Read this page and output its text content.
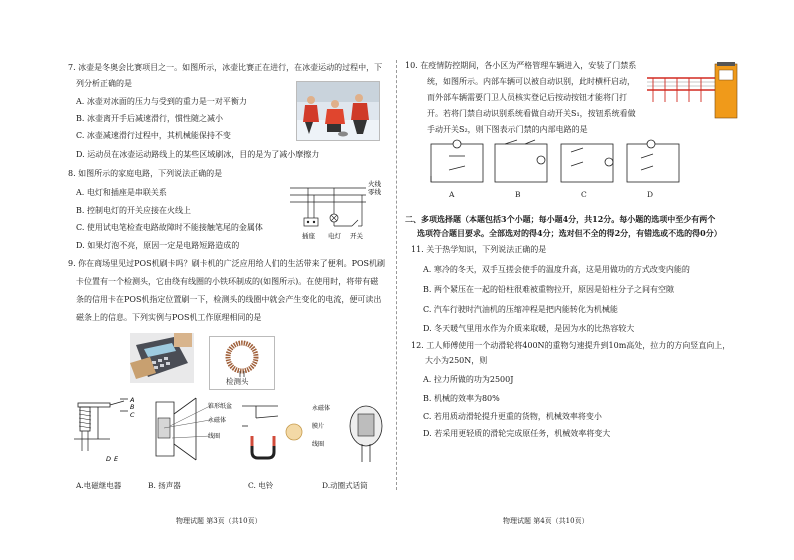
7. 冰壶是冬奥会比赛项目之一。如图所示，冰壶比赛正在进行，在冰壶运动的过程中，下
列分析正确的是
A. 冰壶对冰面的压力与受到的重力是一对平衡力
B. 冰壶离开手后减速滑行，惯性随之减小
C. 冰壶减速滑行过程中，其机械能保持不变
D. 运动员在冰壶运动路线上的某些区域刷冰，目的是为了减小摩擦力
8. 如图所示的家庭电路，下列说法正确的是
A. 电灯和插座是串联关系
B. 控制电灯的开关应接在火线上
C. 使用试电笔检查电路故障时不能接触笔尾的金属体
D. 如果灯泡不亮，原因一定是电路短路造成的
火线
零线
插座 电灯 开关
9. 你在商场里见过POS机刷卡吗？刷卡机的广泛应用给人们的生活带来了便利。POS机刷
卡位置有一个检测头，它由绕有线圈的小铁环制成的(如图所示)。在使用时，将带有磁
条的信用卡在POS机指定位置刷一下，检测头的线圈中就会产生变化的电流，便可读出
磁条上的信息。下列实例与POS机工作原理相同的是
检测头
A
B
C
D E
锥形纸盆
永磁体
线圈
永磁体
膜片
线圈
A.电磁继电器	B. 扬声器	C. 电铃	D.动圈式话筒
物理试题 第3页（共10页）
10. 在疫情防控期间，各小区为严格管理车辆进入，安装了门禁系
统，如图所示。内部车辆可以被自动识别，此时横杆启动，
而外部车辆需要门卫人员核实登记后按动按钮才能将门打
开。若将门禁自动识别系统看做自动开关S₁，按钮系统看做
手动开关S₂，则下图表示门禁的内部电路的是
A	B	C	D
二、多项选择题（本题包括3个小题；每小题4分，共12分。每小题的选项中至少有两个
选项符合题目要求。全部选对的得4分；选对但不全的得2分，有错选或不选的得0分）
11. 关于热学知识，下列说法正确的是
A. 寒冷的冬天，双手互搓会使手的温度升高，这是用做功的方式改变内能的
B. 两个紧压在一起的铅柱很难被重物拉开，原因是铅柱分子之间有空隙
C. 汽车行驶时汽油机的压缩冲程是把内能转化为机械能
D. 冬天暖气里用水作为介质来取暖，是因为水的比热容较大
12. 工人师傅使用一个动滑轮将400N的重物匀速提升到10m高处，拉力的方向竖直向上，
大小为250N，则
A. 拉力所做的功为2500J
B. 机械的效率为80%
C. 若用质动滑轮提升更重的货物，机械效率将变小
D. 若采用更轻质的滑轮完成原任务，机械效率将变大
物理试题 第4页（共10页）
